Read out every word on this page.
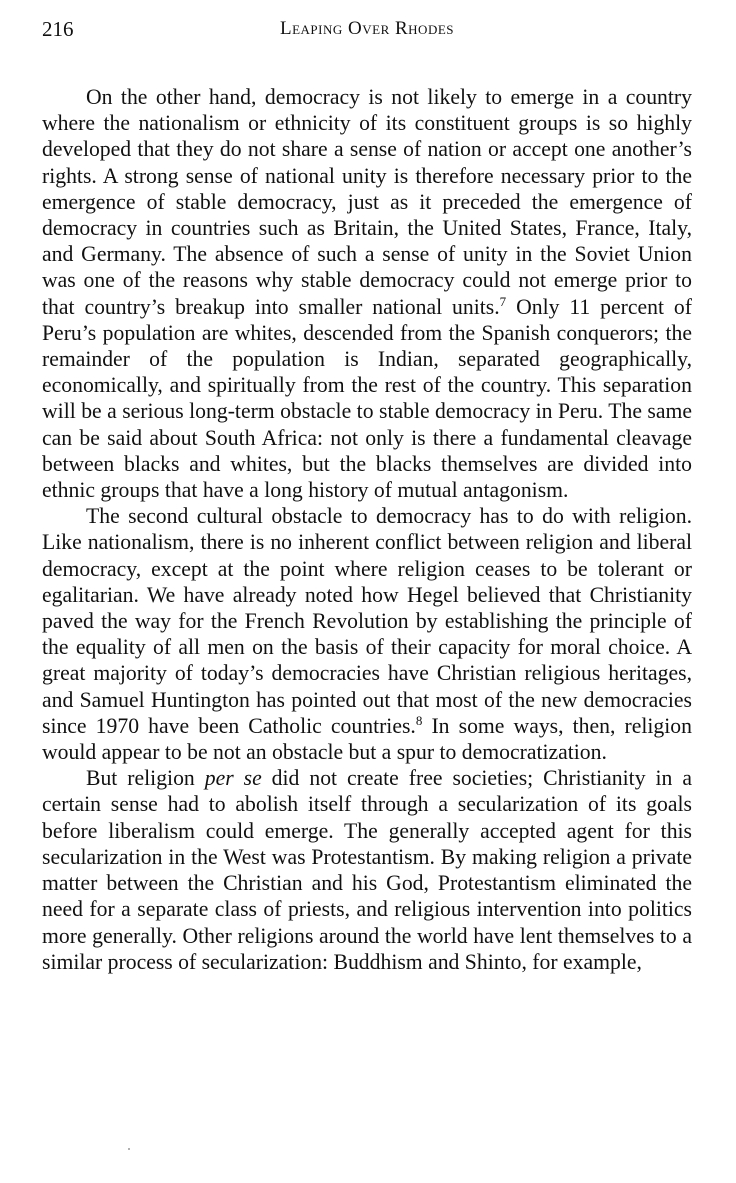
216	Leaping Over Rhodes

On the other hand, democracy is not likely to emerge in a country where the nationalism or ethnicity of its constituent groups is so highly developed that they do not share a sense of nation or accept one another’s rights. A strong sense of national unity is therefore necessary prior to the emergence of stable democracy, just as it preceded the emergence of democracy in countries such as Britain, the United States, France, Italy, and Germany. The absence of such a sense of unity in the Soviet Union was one of the reasons why stable democracy could not emerge prior to that country’s breakup into smaller national units.$^7$ Only 11 percent of Peru’s population are whites, descended from the Spanish conquerors; the remainder of the population is Indian, separated geographically, economically, and spiritually from the rest of the country. This separation will be a serious long-term obstacle to stable democracy in Peru. The same can be said about South Africa: not only is there a fundamental cleavage between blacks and whites, but the blacks themselves are divided into ethnic groups that have a long history of mutual antagonism.

The second cultural obstacle to democracy has to do with religion. Like nationalism, there is no inherent conflict between religion and liberal democracy, except at the point where religion ceases to be tolerant or egalitarian. We have already noted how Hegel believed that Christianity paved the way for the French Revolution by establishing the principle of the equality of all men on the basis of their capacity for moral choice. A great majority of today’s democracies have Christian religious heritages, and Samuel Huntington has pointed out that most of the new democracies since 1970 have been Catholic countries.$^8$ In some ways, then, religion would appear to be not an obstacle but a spur to democratization.

But religion per se did not create free societies; Christianity in a certain sense had to abolish itself through a secularization of its goals before liberalism could emerge. The generally accepted agent for this secularization in the West was Protestantism. By making religion a private matter between the Christian and his God, Protestantism eliminated the need for a separate class of priests, and religious intervention into politics more generally. Other religions around the world have lent themselves to a similar process of secularization: Buddhism and Shinto, for example,
